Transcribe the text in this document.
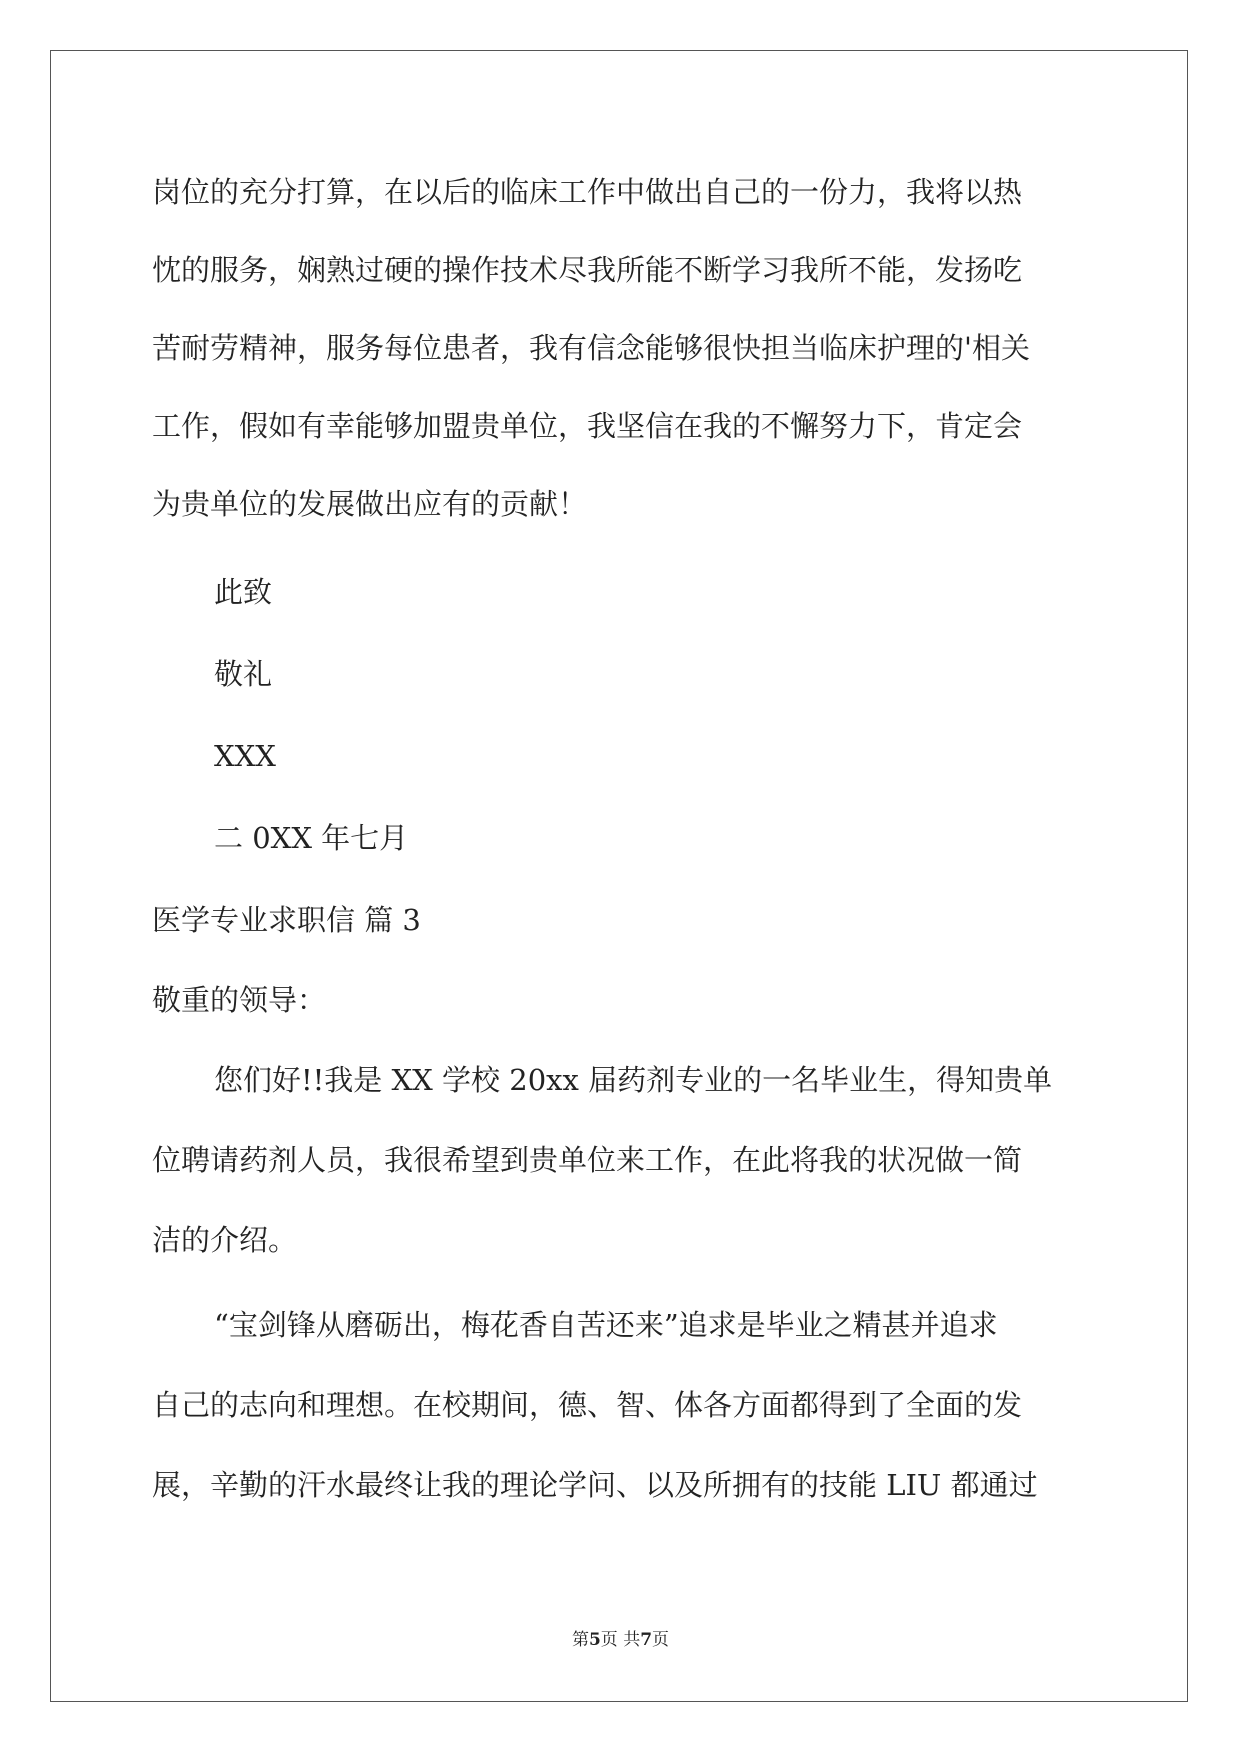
岗位的充分打算，在以后的临床工作中做出自己的一份力，我将以热
忱的服务，娴熟过硬的操作技术尽我所能不断学习我所不能，发扬吃
苦耐劳精神，服务每位患者，我有信念能够很快担当临床护理的'相关
工作，假如有幸能够加盟贵单位，我坚信在我的不懈努力下，肯定会
为贵单位的发展做出应有的贡献！
此致
敬礼
XXX
二 0XX 年七月
医学专业求职信 篇 3
敬重的领导：
您们好!!我是 XX 学校 20xx 届药剂专业的一名毕业生，得知贵单
位聘请药剂人员，我很希望到贵单位来工作，在此将我的状况做一简
洁的介绍。
“宝剑锋从磨砺出，梅花香自苦还来”追求是毕业之精甚并追求
自己的志向和理想。在校期间，德、智、体各方面都得到了全面的发
展，辛勤的汗水最终让我的理论学问、以及所拥有的技能 LIU 都通过
第5页 共7页
